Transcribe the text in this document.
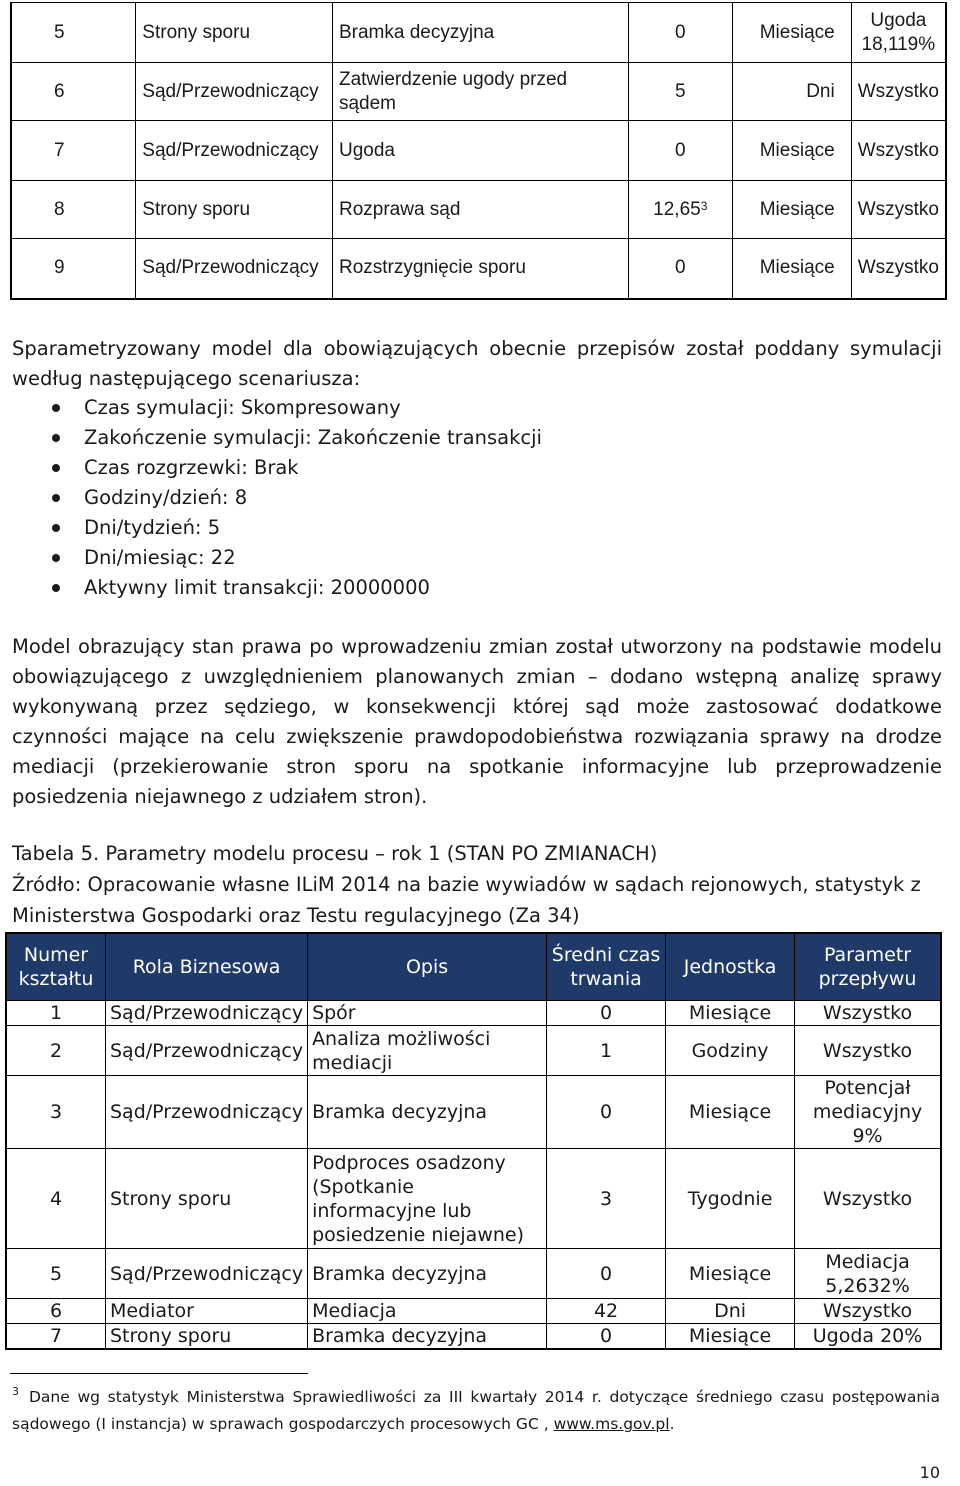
5	Strony sporu	Bramka decyzyjna	0	Miesiące	Ugoda 18,119%
6	Sąd/Przewodniczący	Zatwierdzenie ugody przed sądem	5	Dni	Wszystko
7	Sąd/Przewodniczący	Ugoda	0	Miesiące	Wszystko
8	Strony sporu	Rozprawa sąd	12,65$^3$	Miesiące	Wszystko
9	Sąd/Przewodniczący	Rozstrzygnięcie sporu	0	Miesiące	Wszystko

Sparametryzowany model dla obowiązujących obecnie przepisów został poddany symulacji według następującego scenariusza:

Czas symulacji: Skompresowany
Zakończenie symulacji: Zakończenie transakcji
Czas rozgrzewki: Brak
Godziny/dzień: 8
Dni/tydzień: 5
Dni/miesiąc: 22
Aktywny limit transakcji: 20000000

Model obrazujący stan prawa po wprowadzeniu zmian został utworzony na podstawie modelu obowiązującego z uwzględnieniem planowanych zmian – dodano wstępną analizę sprawy wykonywaną przez sędziego, w konsekwencji której sąd może zastosować dodatkowe czynności mające na celu zwiększenie prawdopodobieństwa rozwiązania sprawy na drodze mediacji (przekierowanie stron sporu na spotkanie informacyjne lub przeprowadzenie posiedzenia niejawnego z udziałem stron).

Tabela 5. Parametry modelu procesu – rok 1 (STAN PO ZMIANACH)

Źródło: Opracowanie własne ILiM 2014 na bazie wywiadów w sądach rejonowych, statystyk z Ministerstwa Gospodarki oraz Testu regulacyjnego (Za 34)

Numer kształtu	Rola Biznesowa	Opis	Średni czas trwania	Jednostka	Parametr przepływu
1	Sąd/Przewodniczący	Spór	0	Miesiące	Wszystko
2	Sąd/Przewodniczący	Analiza możliwości mediacji	1	Godziny	Wszystko
3	Sąd/Przewodniczący	Bramka decyzyjna	0	Miesiące	Potencjał mediacyjny 9%
4	Strony sporu	Podproces osadzony (Spotkanie informacyjne lub posiedzenie niejawne)	3	Tygodnie	Wszystko
5	Sąd/Przewodniczący	Bramka decyzyjna	0	Miesiące	Mediacja 5,2632%
6	Mediator	Mediacja	42	Dni	Wszystko
7	Strony sporu	Bramka decyzyjna	0	Miesiące	Ugoda 20%

$^3$ Dane wg statystyk Ministerstwa Sprawiedliwości za III kwartały 2014 r. dotyczące średniego czasu postępowania sądowego (I instancja) w sprawach gospodarczych procesowych GC , www.ms.gov.pl.

10
